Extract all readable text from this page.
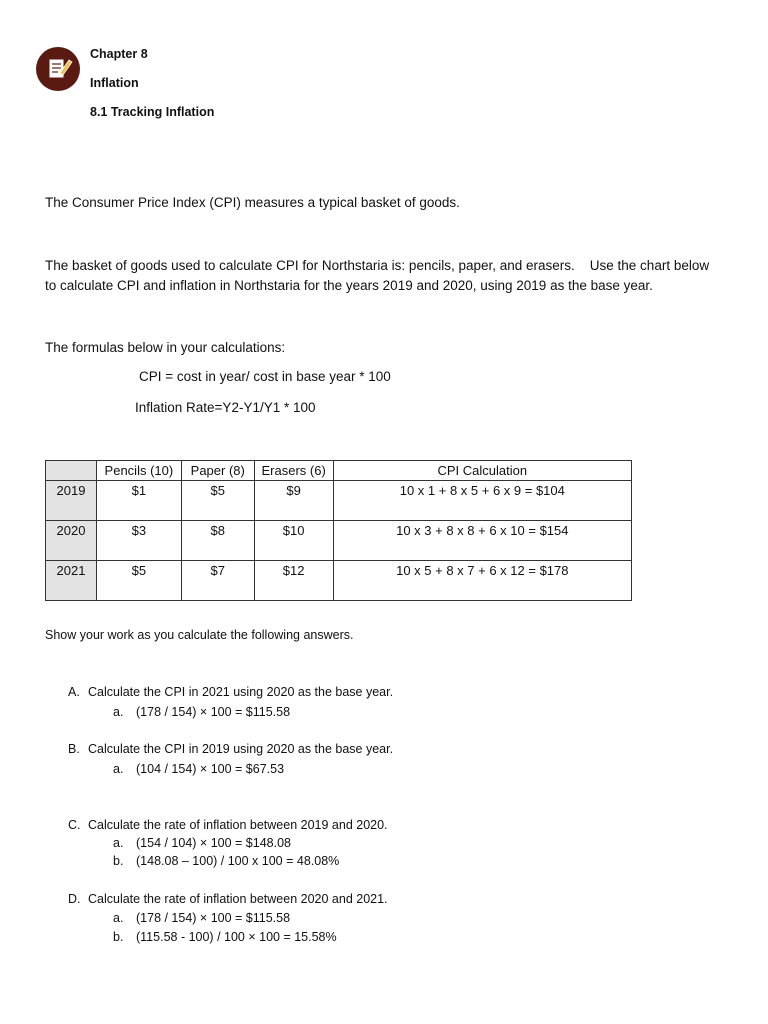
Chapter 8
Inflation
8.1 Tracking Inflation
The Consumer Price Index (CPI) measures a typical basket of goods.
The basket of goods used to calculate CPI for Northstaria is: pencils, paper, and erasers.    Use the chart below
to calculate CPI and inflation in Northstaria for the years 2019 and 2020, using 2019 as the base year.
The formulas below in your calculations:
CPI = cost in year/ cost in base year * 100
Inflation Rate=Y2-Y1/Y1 * 100
	Pencils (10)	Paper (8)	Erasers (6)	CPI Calculation
2019	$1	$5	$9	10 x 1 + 8 x 5 + 6 x 9 = $104
2020	$3	$8	$10	10 x 3 + 8 x 8 + 6 x 10 = $154
2021	$5	$7	$12	10 x 5 + 8 x 7 + 6 x 12 = $178
Show your work as you calculate the following answers.
A. Calculate the CPI in 2021 using 2020 as the base year.
a. (178 / 154) × 100 = $115.58
B. Calculate the CPI in 2019 using 2020 as the base year.
a. (104 / 154) × 100 = $67.53
C. Calculate the rate of inflation between 2019 and 2020.
a. (154 / 104) × 100 = $148.08
b. (148.08 – 100) / 100 x 100 = 48.08%
D. Calculate the rate of inflation between 2020 and 2021.
a. (178 / 154) × 100 = $115.58
b. (115.58 - 100) / 100 × 100 = 15.58%
